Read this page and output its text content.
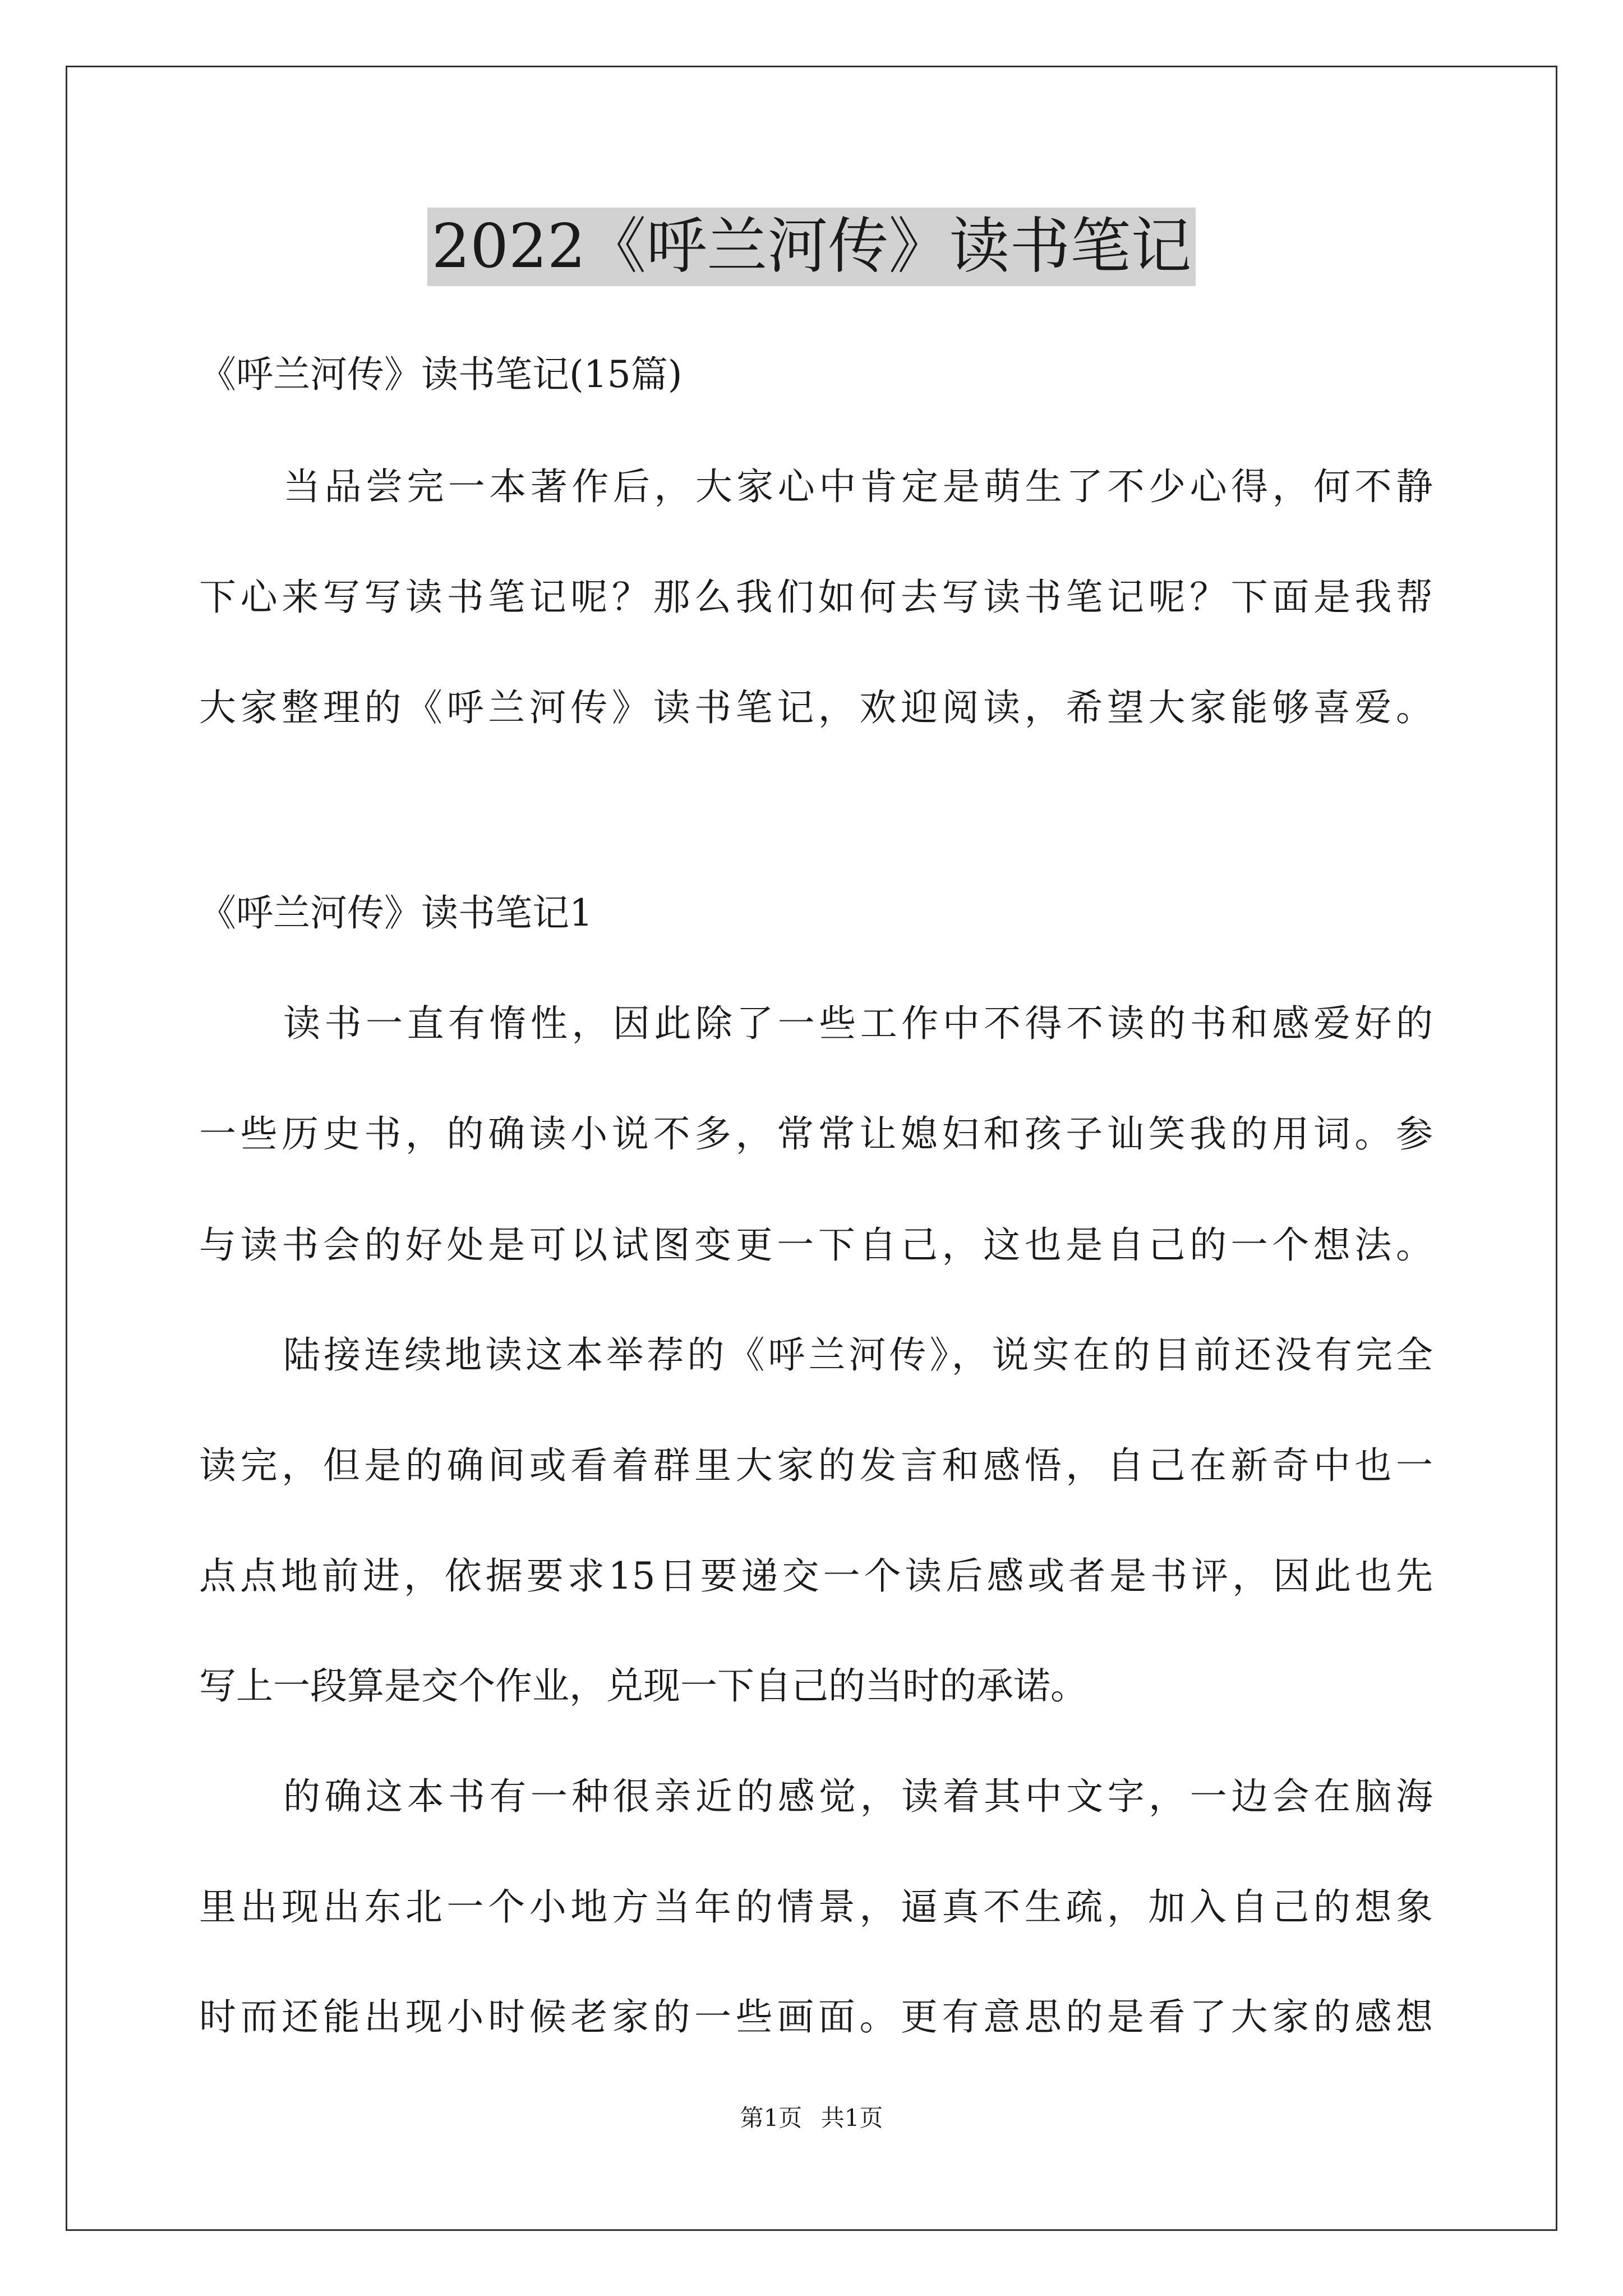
2022《呼兰河传》读书笔记
《呼兰河传》读书笔记(15篇)
当品尝完一本著作后，大家心中肯定是萌生了不少心得，何不静
下心来写写读书笔记呢？那么我们如何去写读书笔记呢？下面是我帮
大家整理的《呼兰河传》读书笔记，欢迎阅读，希望大家能够喜爱。
《呼兰河传》读书笔记1
读书一直有惰性，因此除了一些工作中不得不读的书和感爱好的
一些历史书，的确读小说不多，常常让媳妇和孩子讪笑我的用词。参
与读书会的好处是可以试图变更一下自己，这也是自己的一个想法。
陆接连续地读这本举荐的《呼兰河传》，说实在的目前还没有完全
读完，但是的确间或看着群里大家的发言和感悟，自己在新奇中也一
点点地前进，依据要求15日要递交一个读后感或者是书评，因此也先
写上一段算是交个作业，兑现一下自己的当时的承诺。
的确这本书有一种很亲近的感觉，读着其中文字，一边会在脑海
里出现出东北一个小地方当年的情景，逼真不生疏，加入自己的想象
时而还能出现小时候老家的一些画面。更有意思的是看了大家的感想
第1页 共1页
